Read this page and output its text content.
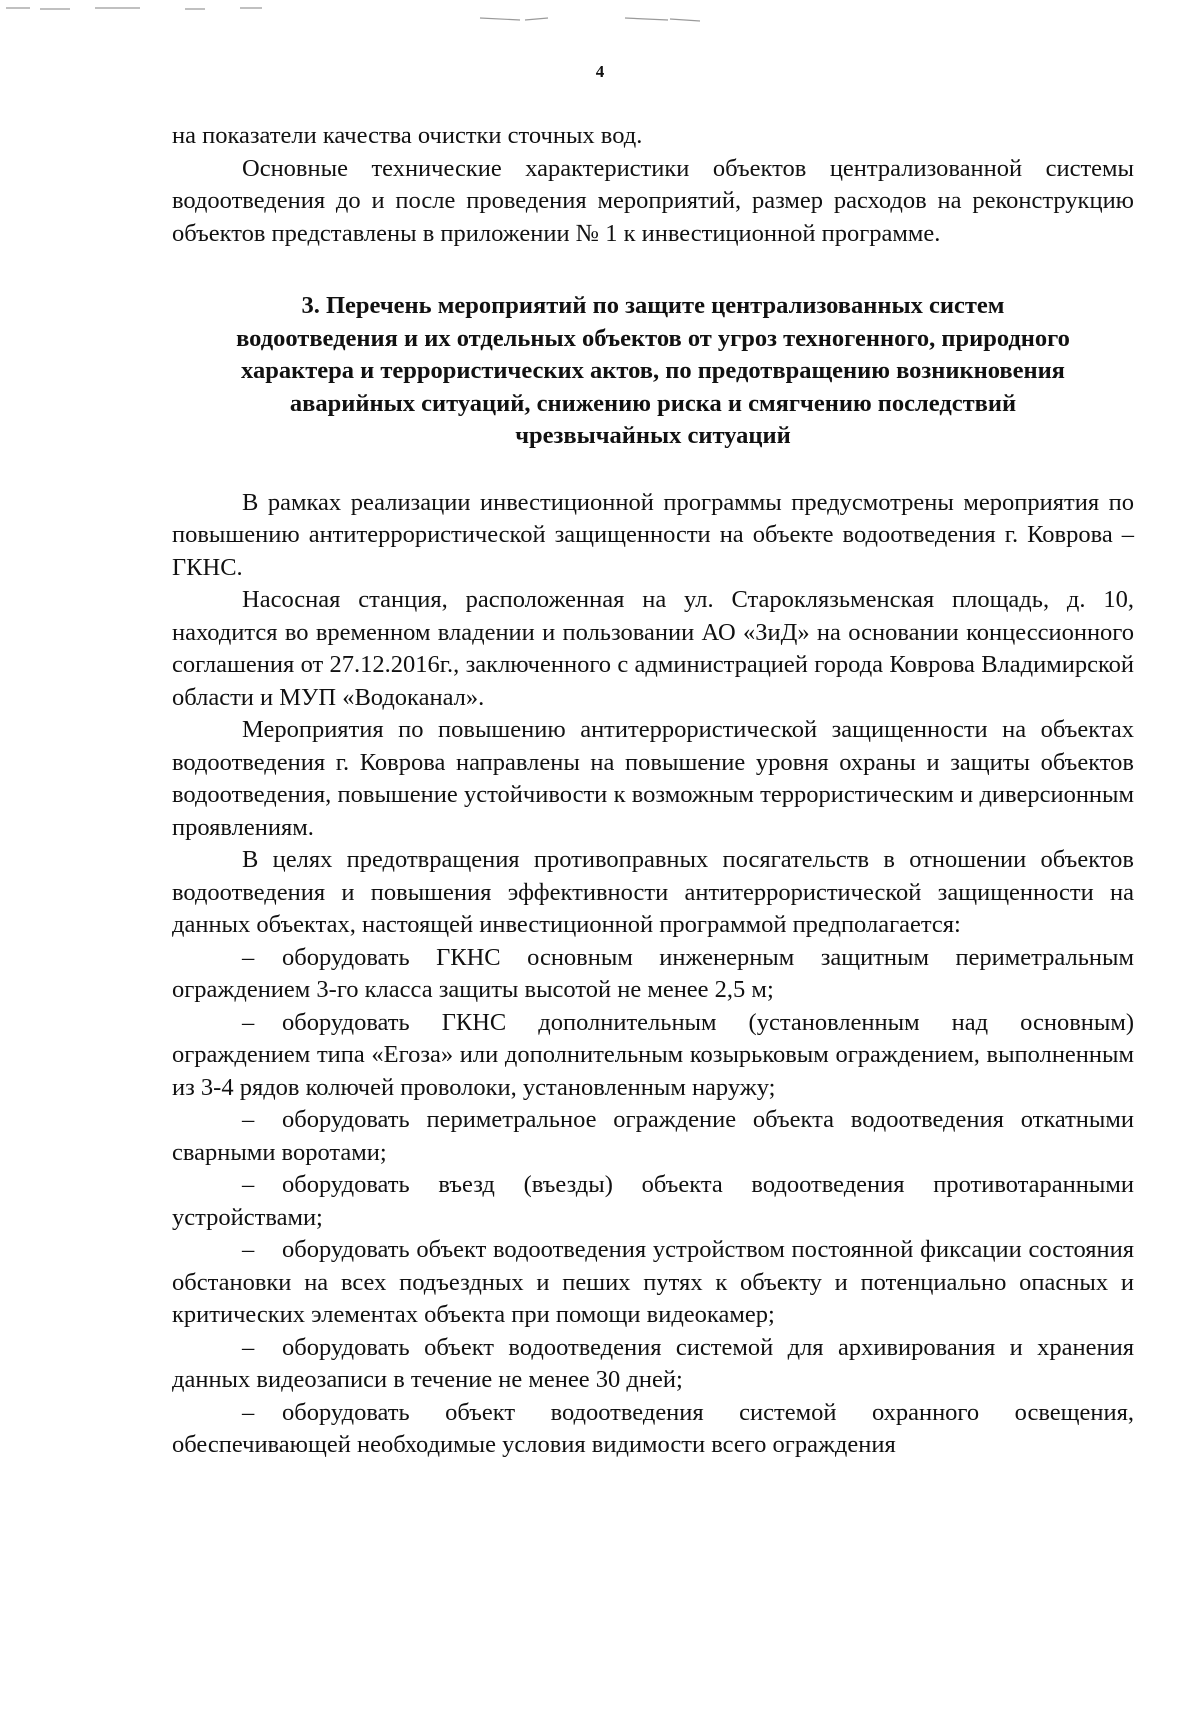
4

на показатели качества очистки сточных вод.

Основные технические характеристики объектов централизованной системы водоотведения до и после проведения мероприятий, размер расходов на реконструкцию объектов представлены в приложении № 1 к инвестиционной программе.

3. Перечень мероприятий по защите централизованных систем
водоотведения и их отдельных объектов от угроз техногенного, природного
характера и террористических актов, по предотвращению возникновения
аварийных ситуаций, снижению риска и смягчению последствий
чрезвычайных ситуаций

В рамках реализации инвестиционной программы предусмотрены мероприятия по повышению антитеррористической защищенности на объекте водоотведения г. Коврова – ГКНС.

Насосная станция, расположенная на ул. Староклязьменская площадь, д. 10, находится во временном владении и пользовании АО «ЗиД» на основании концессионного соглашения от 27.12.2016г., заключенного с администрацией города Коврова Владимирской области и МУП «Водоканал».

Мероприятия по повышению антитеррористической защищенности на объектах водоотведения г. Коврова направлены на повышение уровня охраны и защиты объектов водоотведения, повышение устойчивости к возможным террористическим и диверсионным проявлениям.

В целях предотвращения противоправных посягательств в отношении объектов водоотведения и повышения эффективности антитеррористической защищенности на данных объектах, настоящей инвестиционной программой предполагается:

– оборудовать ГКНС основным инженерным защитным периметральным ограждением 3-го класса защиты высотой не менее 2,5 м;

– оборудовать ГКНС дополнительным (установленным над основным) ограждением типа «Егоза» или дополнительным козырьковым ограждением, выполненным из 3-4 рядов колючей проволоки, установленным наружу;

– оборудовать периметральное ограждение объекта водоотведения откатными сварными воротами;

– оборудовать въезд (въезды) объекта водоотведения противотаранными устройствами;

– оборудовать объект водоотведения устройством постоянной фиксации состояния обстановки на всех подъездных и пеших путях к объекту и потенциально опасных и критических элементах объекта при помощи видеокамер;

– оборудовать объект водоотведения системой для архивирования и хранения данных видеозаписи в течение не менее 30 дней;

– оборудовать объект водоотведения системой охранного освещения, обеспечивающей необходимые условия видимости всего ограждения
